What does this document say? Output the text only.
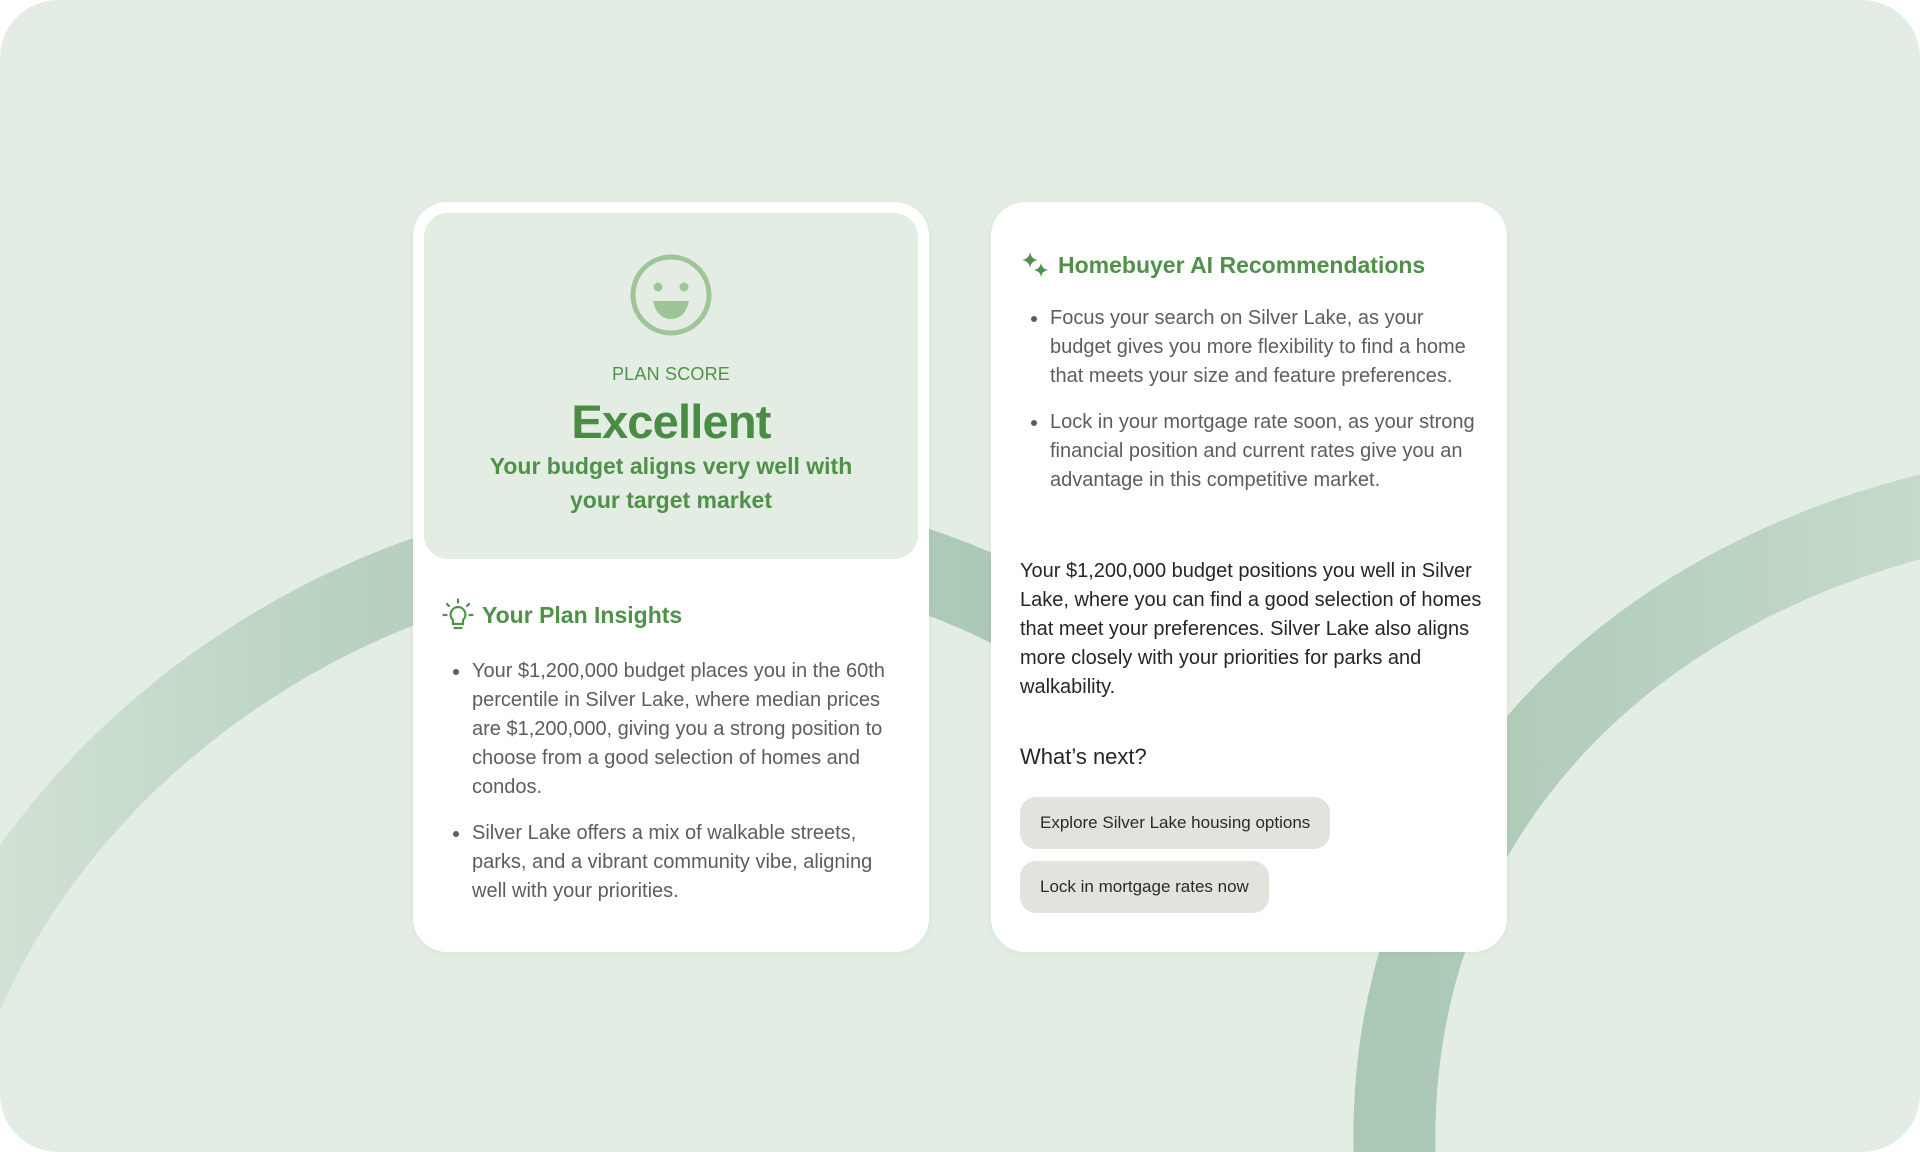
PLAN SCORE
Excellent
Your budget aligns very well with your target market
Your Plan Insights
Your $1,200,000 budget places you in the 60th percentile in Silver Lake, where median prices are $1,200,000, giving you a strong position to choose from a good selection of homes and condos.
Silver Lake offers a mix of walkable streets, parks, and a vibrant community vibe, aligning well with your priorities.
Homebuyer AI Recommendations
Focus your search on Silver Lake, as your budget gives you more flexibility to find a home that meets your size and feature preferences.
Lock in your mortgage rate soon, as your strong financial position and current rates give you an advantage in this competitive market.

Your $1,200,000 budget positions you well in Silver Lake, where you can find a good selection of homes that meet your preferences. Silver Lake also aligns more closely with your priorities for parks and walkability.

What’s next?
Explore Silver Lake housing options
Lock in mortgage rates now
